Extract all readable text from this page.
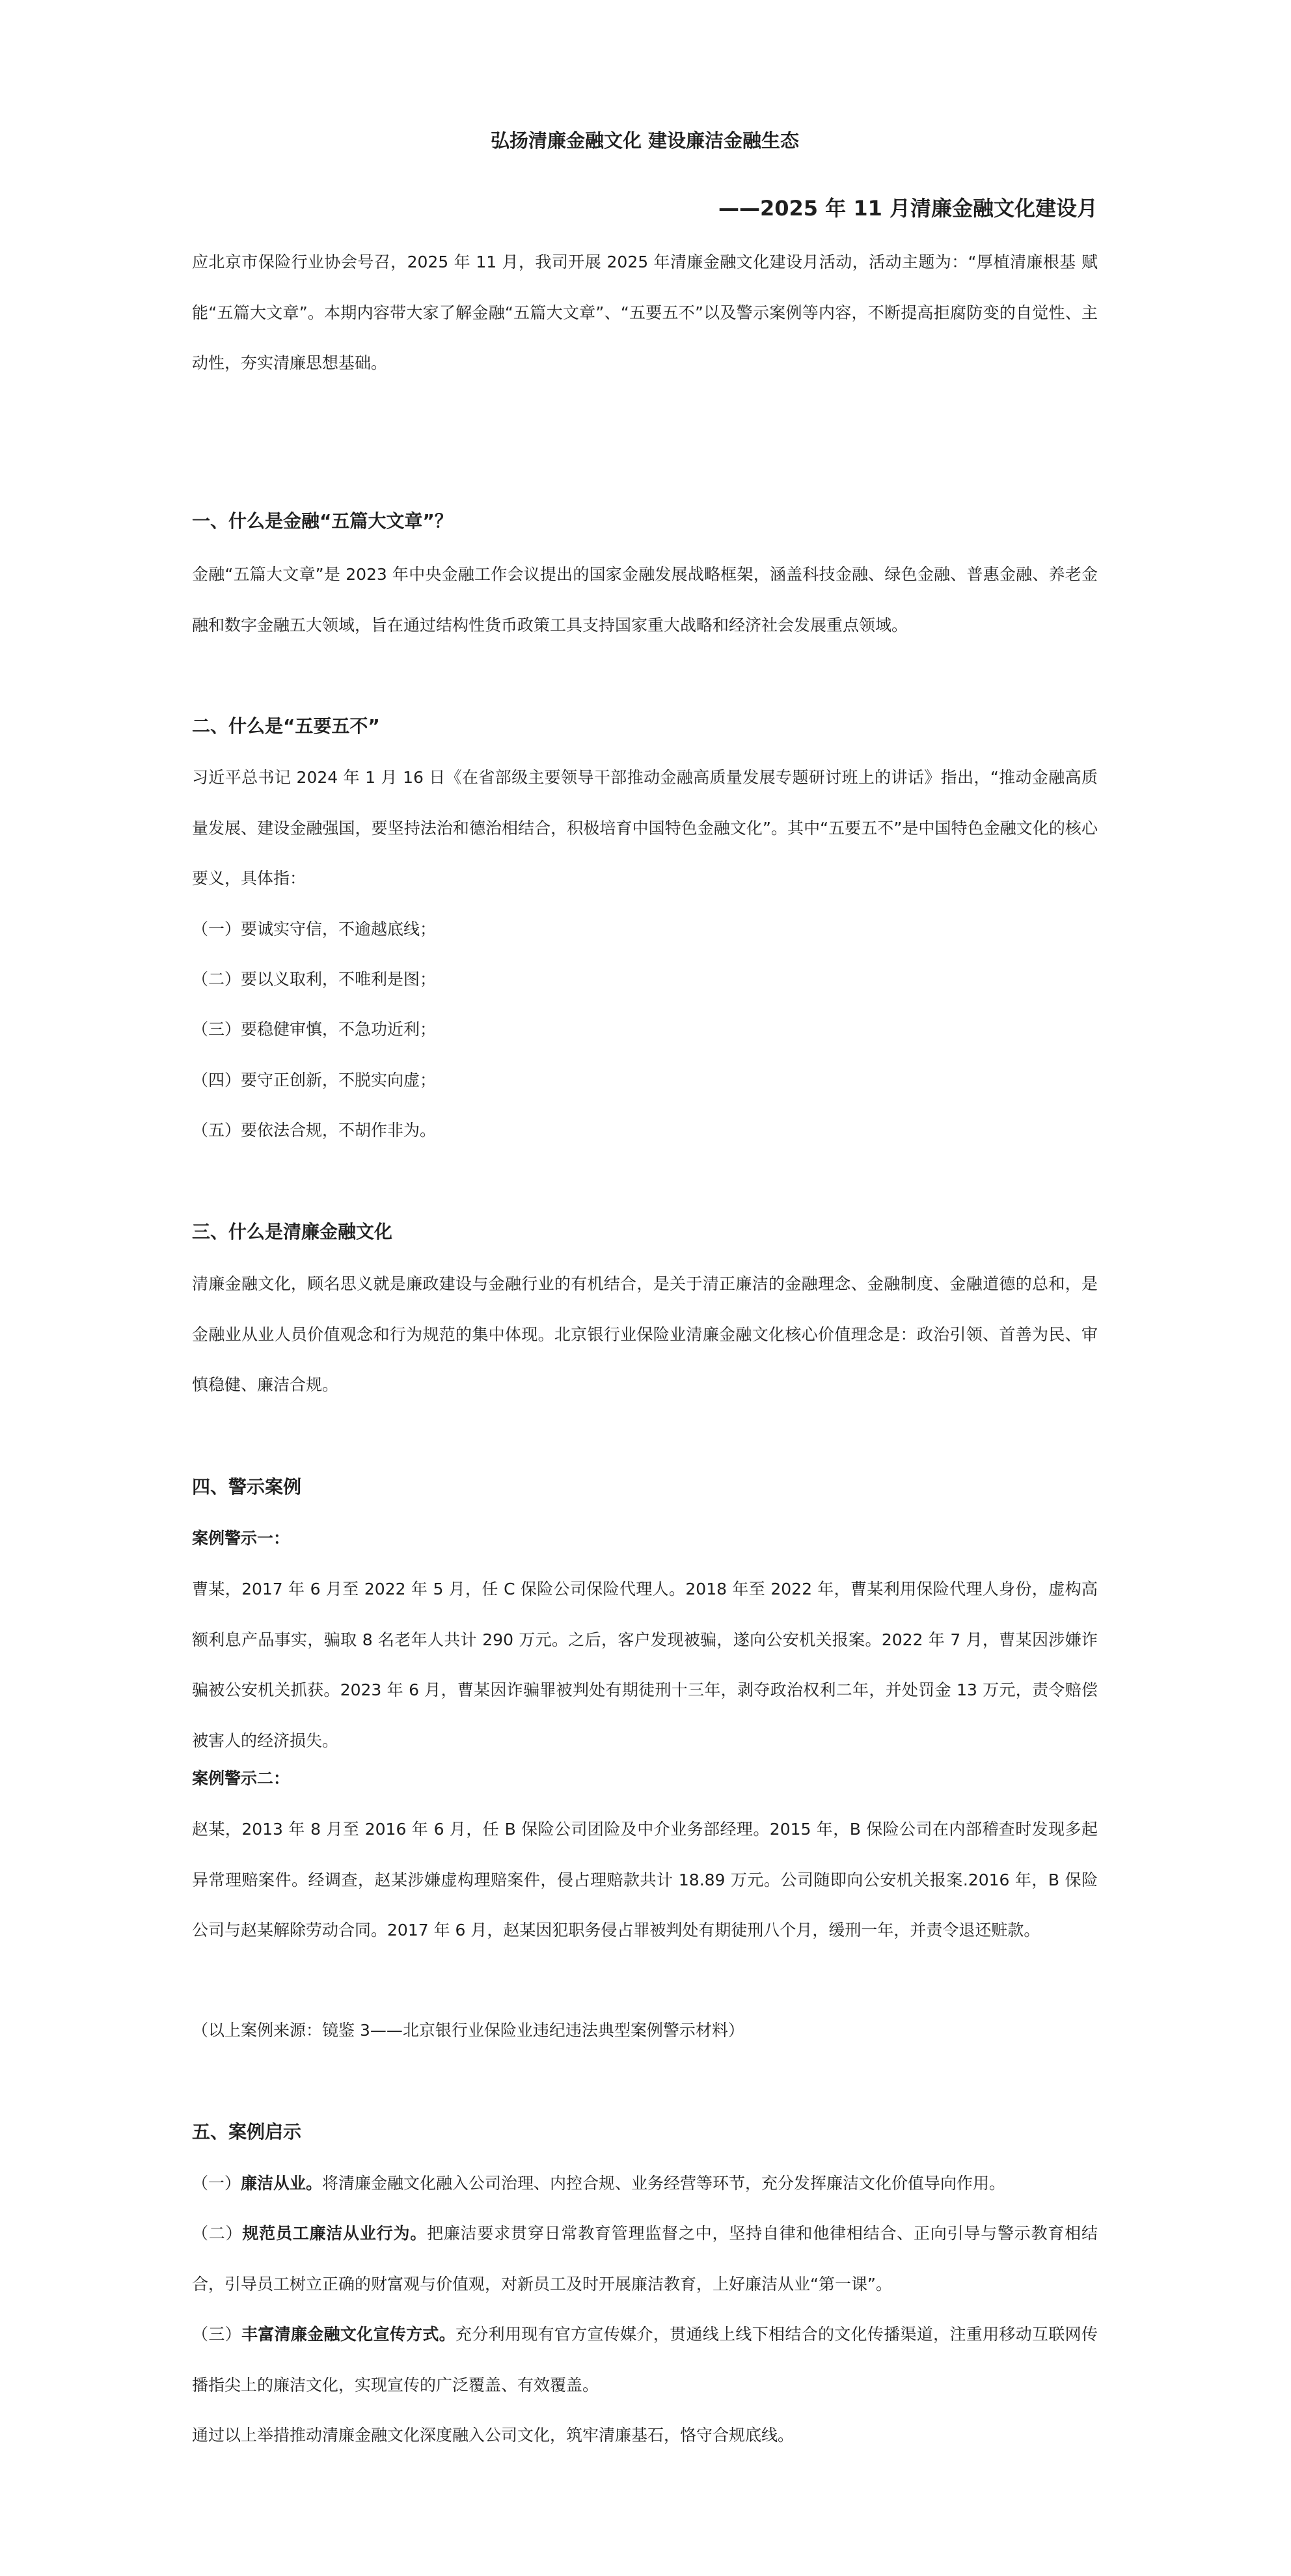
弘扬清廉金融文化 建设廉洁金融生态
——2025 年 11 月清廉金融文化建设月

应北京市保险行业协会号召，2025 年 11 月，我司开展 2025 年清廉金融文化建设月活动，活动主题为：“厚植清廉根基 赋能“五篇大文章”。本期内容带大家了解金融“五篇大文章”、“五要五不”以及警示案例等内容，不断提高拒腐防变的自觉性、主动性，夯实清廉思想基础。

一、什么是金融“五篇大文章”？

金融“五篇大文章”是 2023 年中央金融工作会议提出的国家金融发展战略框架，涵盖科技金融、绿色金融、普惠金融、养老金融和数字金融五大领域，旨在通过结构性货币政策工具支持国家重大战略和经济社会发展重点领域。

二、什么是“五要五不”

习近平总书记 2024 年 1 月 16 日《在省部级主要领导干部推动金融高质量发展专题研讨班上的讲话》指出，“推动金融高质量发展、建设金融强国，要坚持法治和德治相结合，积极培育中国特色金融文化”。其中“五要五不”是中国特色金融文化的核心要义，具体指：

（一）要诚实守信，不逾越底线；

（二）要以义取利，不唯利是图；

（三）要稳健审慎，不急功近利；

（四）要守正创新，不脱实向虚；

（五）要依法合规，不胡作非为。

三、什么是清廉金融文化

清廉金融文化，顾名思义就是廉政建设与金融行业的有机结合，是关于清正廉洁的金融理念、金融制度、金融道德的总和，是金融业从业人员价值观念和行为规范的集中体现。北京银行业保险业清廉金融文化核心价值理念是：政治引领、首善为民、审慎稳健、廉洁合规。

四、警示案例

案例警示一：

曹某，2017 年 6 月至 2022 年 5 月，任 C 保险公司保险代理人。2018 年至 2022 年，曹某利用保险代理人身份，虚构高额利息产品事实，骗取 8 名老年人共计 290 万元。之后，客户发现被骗，遂向公安机关报案。2022 年 7 月，曹某因涉嫌诈骗被公安机关抓获。2023 年 6 月，曹某因诈骗罪被判处有期徒刑十三年，剥夺政治权利二年，并处罚金 13 万元，责令赔偿被害人的经济损失。

案例警示二：

赵某，2013 年 8 月至 2016 年 6 月，任 B 保险公司团险及中介业务部经理。2015 年，B 保险公司在内部稽查时发现多起异常理赔案件。经调查，赵某涉嫌虚构理赔案件，侵占理赔款共计 18.89 万元。公司随即向公安机关报案.2016 年，B 保险公司与赵某解除劳动合同。2017 年 6 月，赵某因犯职务侵占罪被判处有期徒刑八个月，缓刑一年，并责令退还赃款。

（以上案例来源：镜鉴 3——北京银行业保险业违纪违法典型案例警示材料）

五、案例启示

（一）廉洁从业。将清廉金融文化融入公司治理、内控合规、业务经营等环节，充分发挥廉洁文化价值导向作用。

（二）规范员工廉洁从业行为。把廉洁要求贯穿日常教育管理监督之中，坚持自律和他律相结合、正向引导与警示教育相结合，引导员工树立正确的财富观与价值观，对新员工及时开展廉洁教育，上好廉洁从业“第一课”。

（三）丰富清廉金融文化宣传方式。充分利用现有官方宣传媒介，贯通线上线下相结合的文化传播渠道，注重用移动互联网传播指尖上的廉洁文化，实现宣传的广泛覆盖、有效覆盖。

通过以上举措推动清廉金融文化深度融入公司文化，筑牢清廉基石，恪守合规底线。
